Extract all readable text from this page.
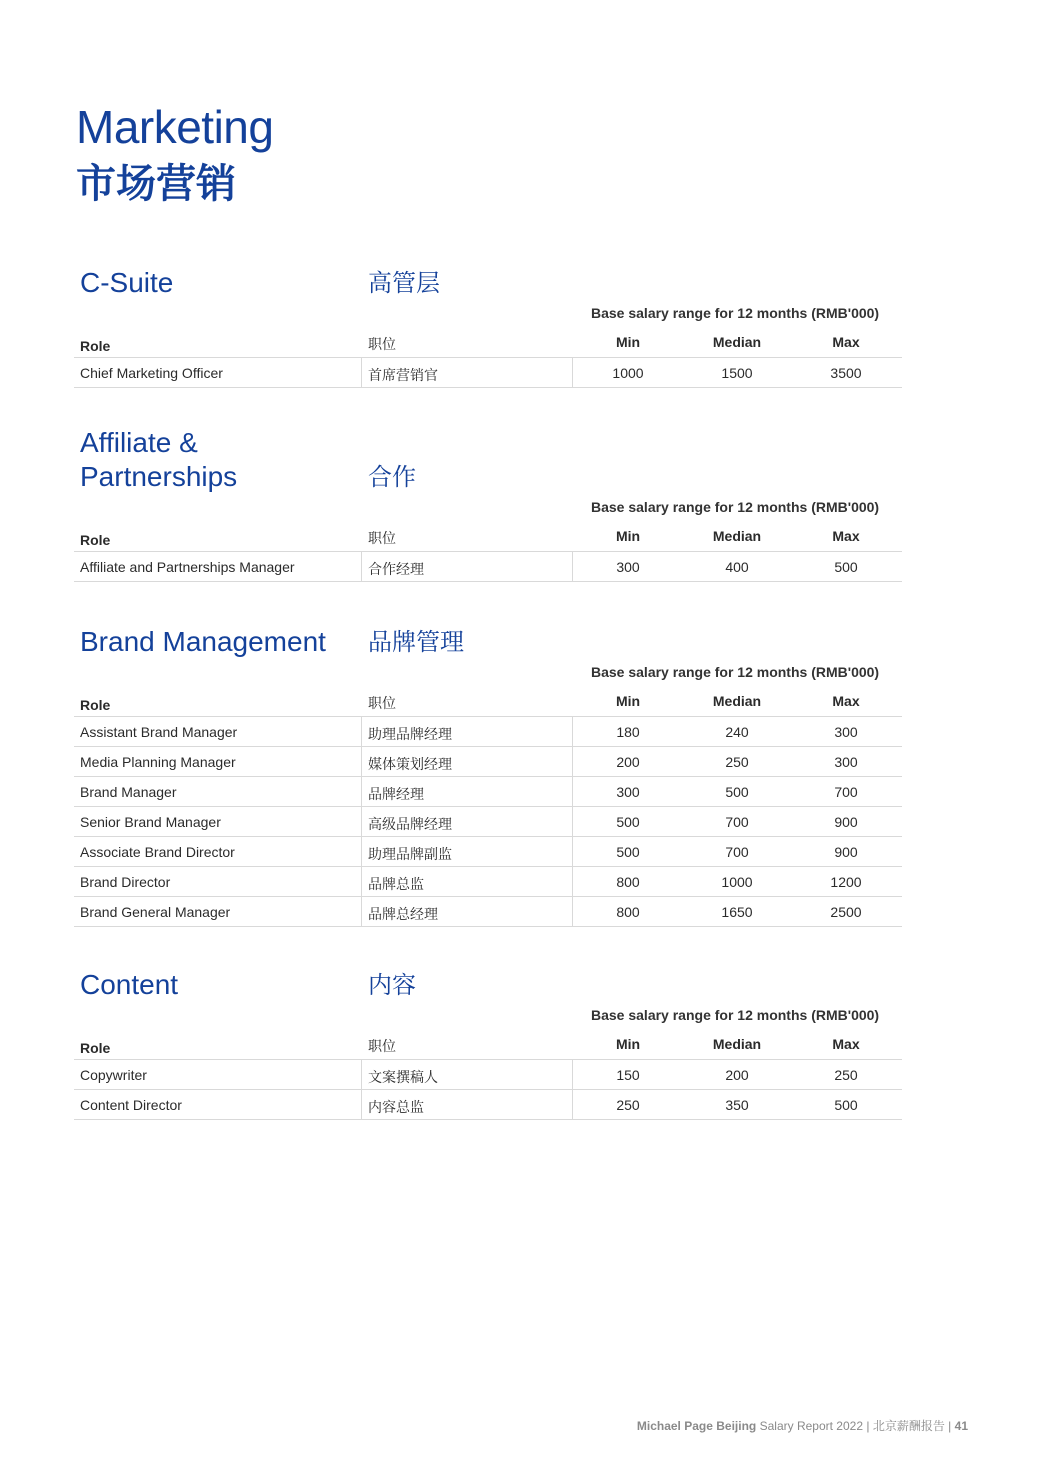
Marketing
市场营销
C-Suite	高管层
Base salary range for 12 months (RMB'000)
Role	职位	Min	Median	Max
Chief Marketing Officer	首席营销官	1000	1500	3500
Affiliate &
Partnerships	合作
Base salary range for 12 months (RMB'000)
Role	职位	Min	Median	Max
Affiliate and Partnerships Manager	合作经理	300	400	500
Brand Management 品牌管理
Base salary range for 12 months (RMB'000)
Role	职位	Min	Median	Max
Assistant Brand Manager	助理品牌经理	180	240	300
Media Planning Manager	媒体策划经理	200	250	300
Brand Manager	品牌经理	300	500	700
Senior Brand Manager	高级品牌经理	500	700	900
Associate Brand Director	助理品牌副监	500	700	900
Brand Director	品牌总监	800	1000	1200
Brand General Manager	品牌总经理	800	1650	2500
Content	内容
Base salary range for 12 months (RMB'000)
Role	职位	Min	Median	Max
Copywriter	文案撰稿人	150	200	250
Content Director	内容总监	250	350	500
Michael Page Beijing Salary Report 2022 | 北京薪酬报告 | 41
